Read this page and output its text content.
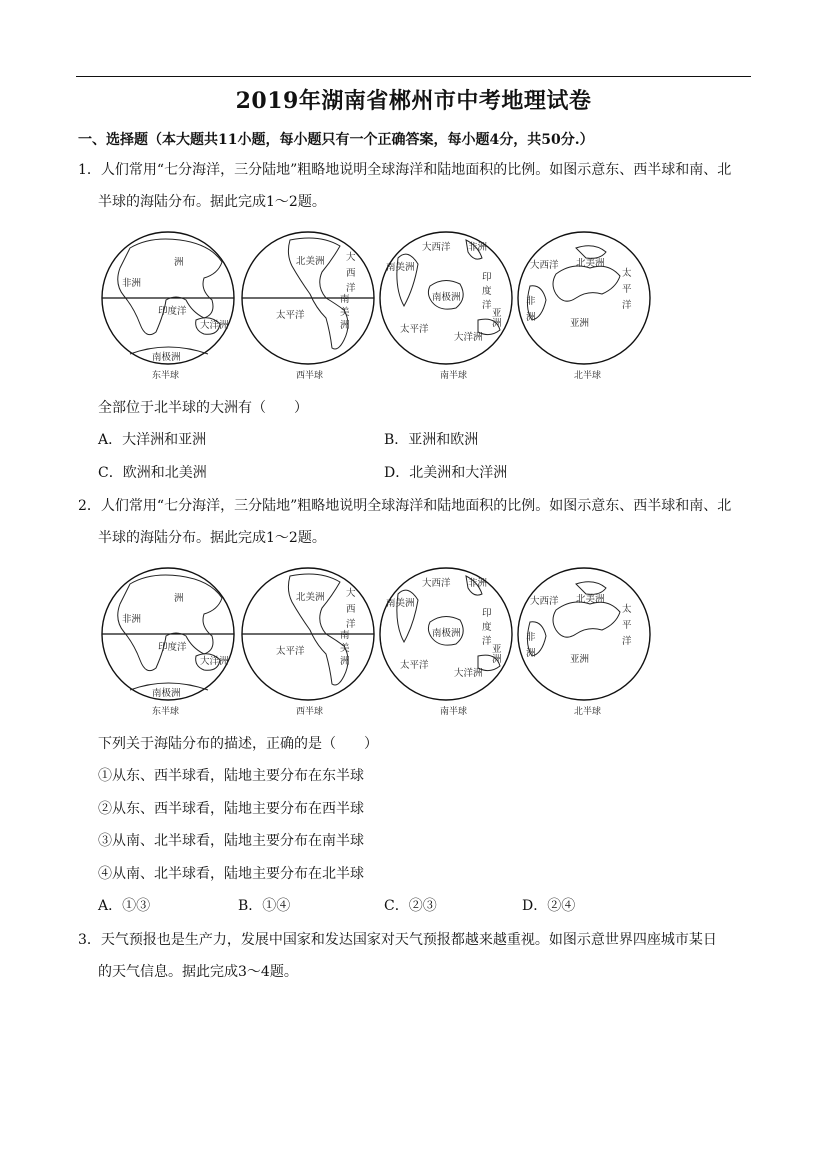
2019年湖南省郴州市中考地理试卷
一、选择题（本大题共11小题，每小题只有一个正确答案，每小题4分，共50分.）
1．人们常用“七分海洋，三分陆地”粗略地说明全球海洋和陆地面积的比例。如图示意东、西半球和南、北
半球的海陆分布。据此完成1～2题。
洲
非洲
印度洋
大洋洲
南极洲
东半球
北美洲 大
西
洋
南
美
洲
太平洋
西半球
大西洋 非洲
南美洲
南极洲
印
度
洋
亚
洲
太平洋
大洋洲
南半球
大西洋 北美洲
太
平
洋
非
洲
亚洲
北半球
全部位于北半球的大洲有（　　）
A．大洋洲和亚洲	B．亚洲和欧洲
C．欧洲和北美洲	D．北美洲和大洋洲
2．人们常用“七分海洋，三分陆地”粗略地说明全球海洋和陆地面积的比例。如图示意东、西半球和南、北
半球的海陆分布。据此完成1～2题。
洲
非洲
印度洋
大洋洲
南极洲
东半球
北美洲 大
西
洋
南
美
洲
太平洋
西半球
大西洋 非洲
南美洲
南极洲
印
度
洋
亚
洲
太平洋
大洋洲
南半球
大西洋 北美洲
太
平
洋
非
洲
亚洲
北半球
下列关于海陆分布的描述，正确的是（　　）
①从东、西半球看，陆地主要分布在东半球
②从东、西半球看，陆地主要分布在西半球
③从南、北半球看，陆地主要分布在南半球
④从南、北半球看，陆地主要分布在北半球
A．①③	B．①④	C．②③	D．②④
3．天气预报也是生产力，发展中国家和发达国家对天气预报都越来越重视。如图示意世界四座城市某日
的天气信息。据此完成3～4题。
